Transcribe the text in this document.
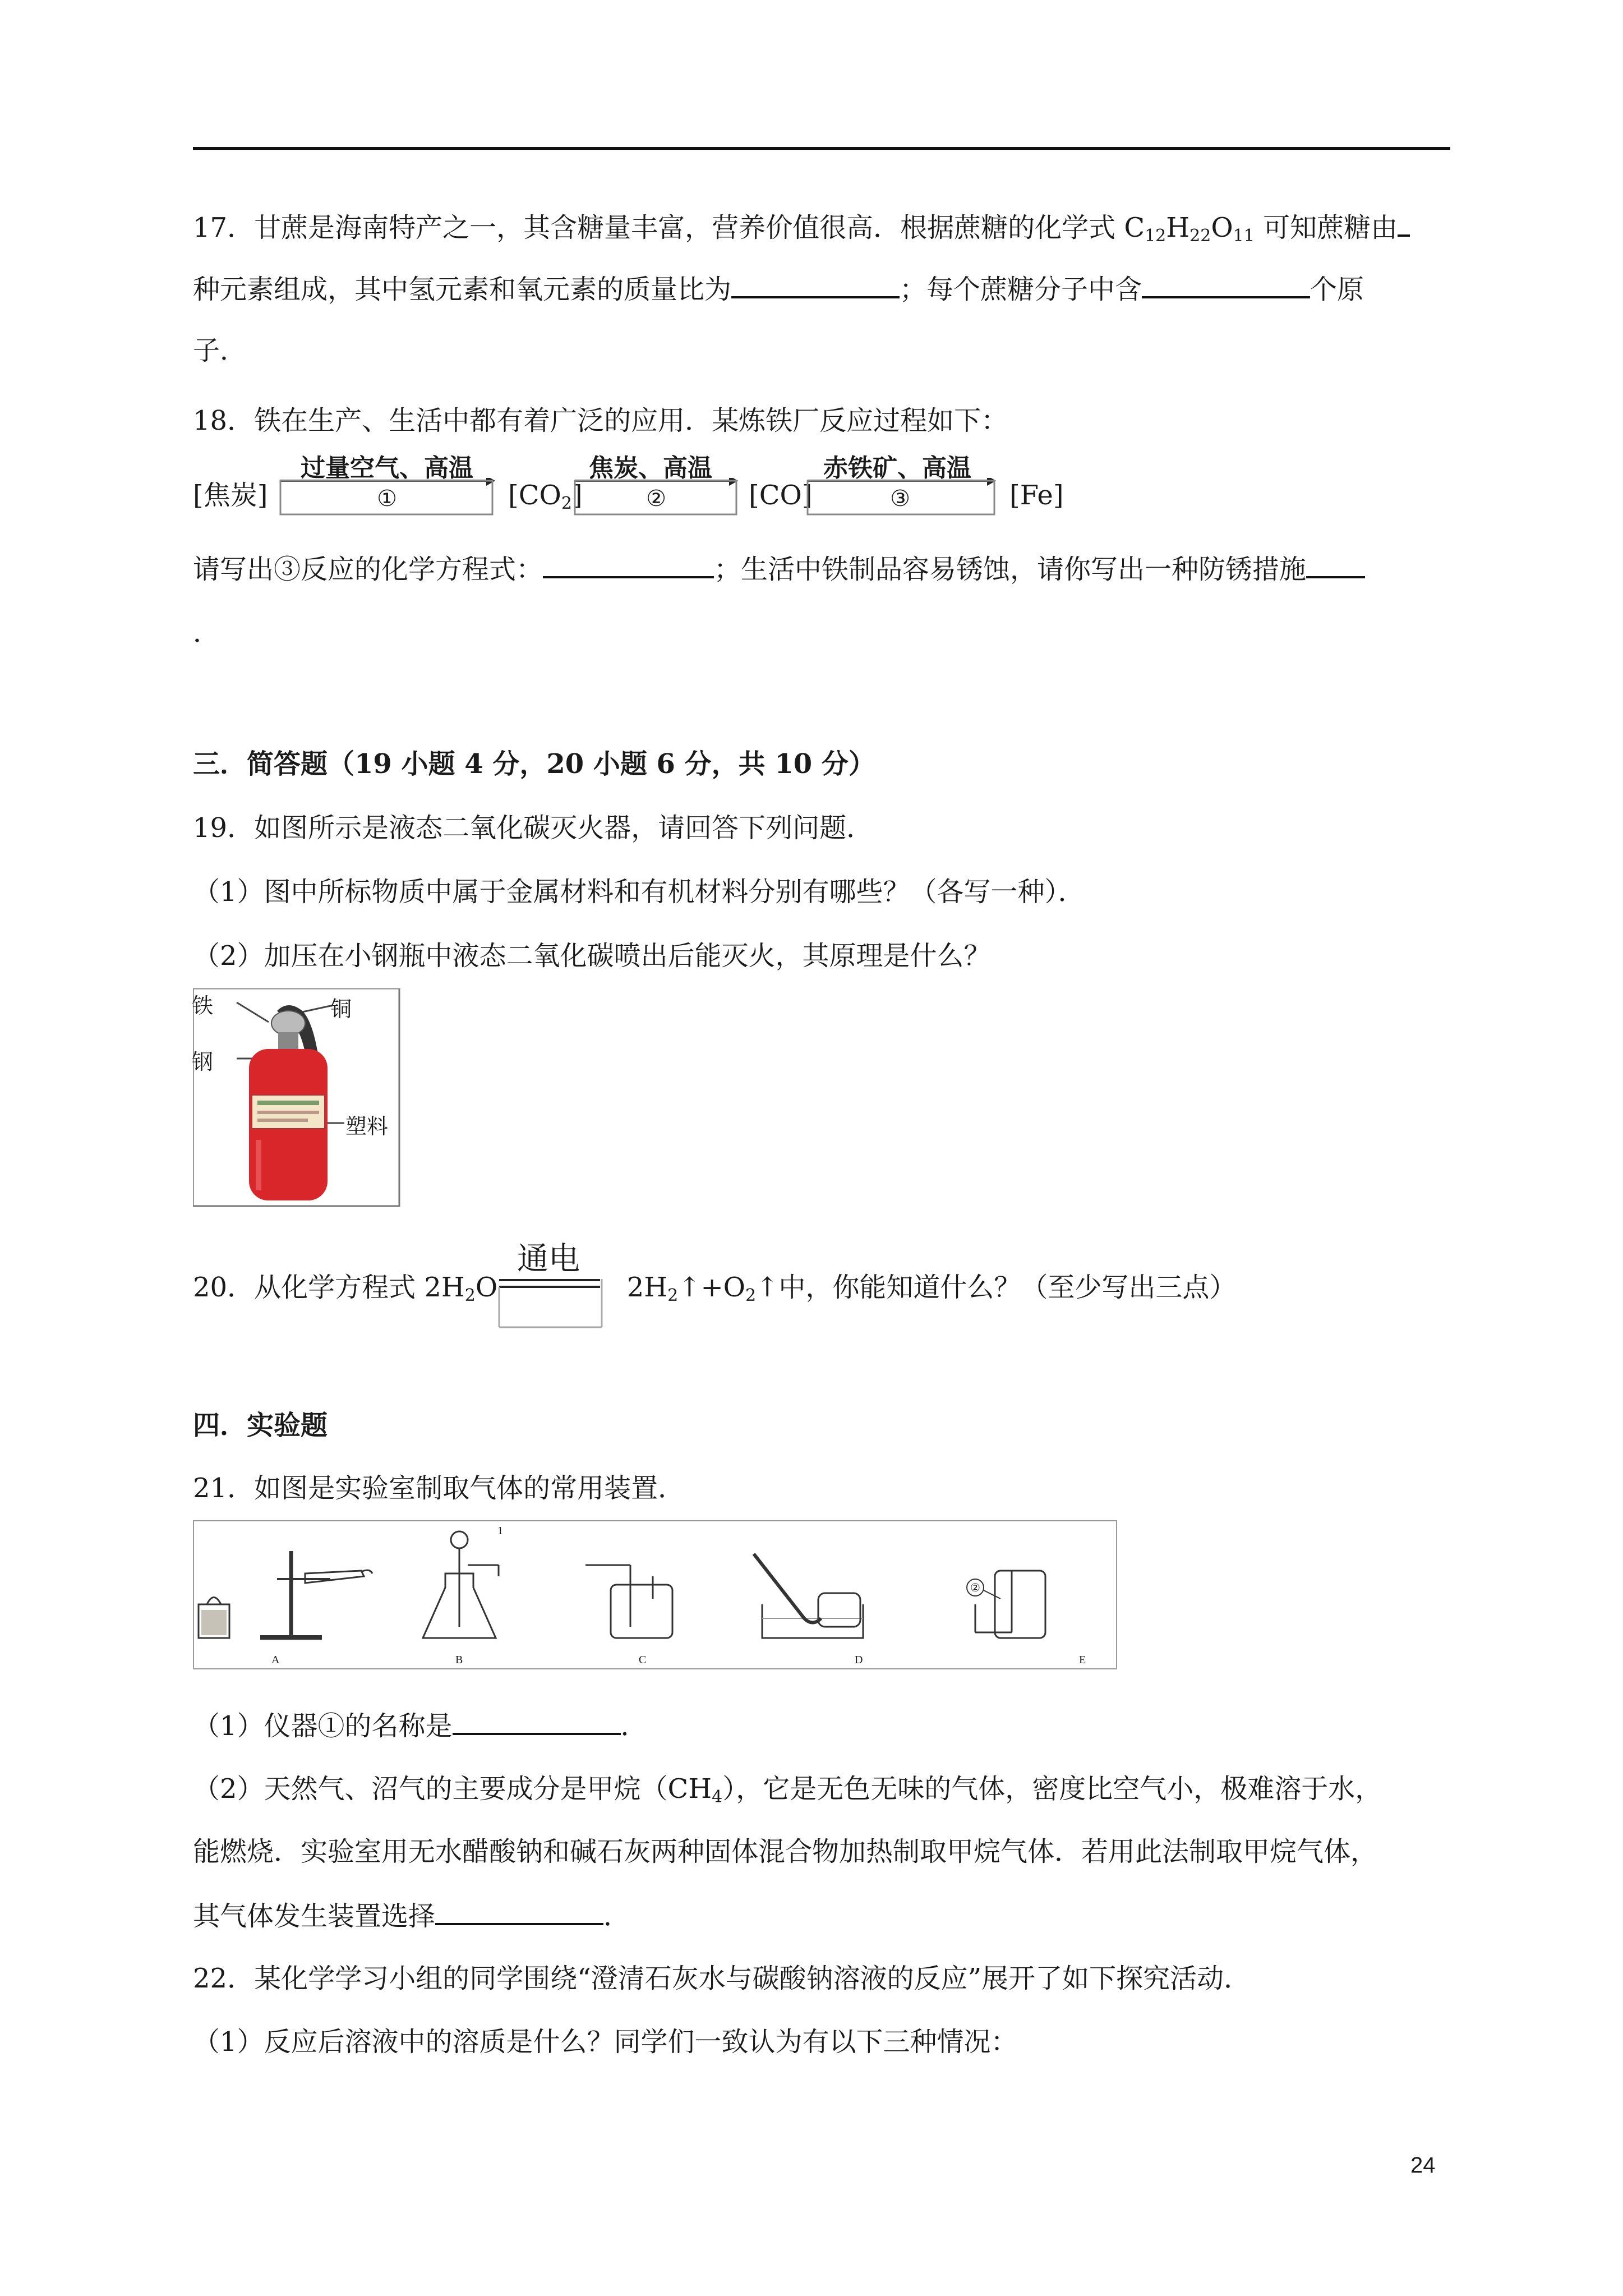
17．甘蔗是海南特产之一，其含糖量丰富，营养价值很高．根据蔗糖的化学式 $C_{12}H_{22}O_{11}$ 可知蔗糖由
种元素组成，其中氢元素和氧元素的质量比为	；每个蔗糖分子中含	个原
子．
18．铁在生产、生活中都有着广泛的应用．某炼铁厂反应过程如下：
[焦炭]
过量空气、高温
①	$[CO_2]$
焦炭、高温
②	[CO]
赤铁矿、高温
③	[Fe]
请写出③反应的化学方程式：	；生活中铁制品容易锈蚀，请你写出一种防锈措施
．
三．简答题（19 小题 4 分，20 小题 6 分，共 10 分）
19．如图所示是液态二氧化碳灭火器，请回答下列问题．
（1）图中所标物质中属于金属材料和有机材料分别有哪些？（各写一种）．
（2）加压在小钢瓶中液态二氧化碳喷出后能灭火，其原理是什么？
铁	铜
钢
塑料
20．从化学方程式 $2H_2O$	$2H_2↑+O_2↑$中，你能知道什么？（至少写出三点）
通电
四．实验题
21．如图是实验室制取气体的常用装置．
A	B	C	D	E
1
②
（1）仪器①的名称是	．
（2）天然气、沼气的主要成分是甲烷$(CH_4)$，它是无色无味的气体，密度比空气小，极难溶于水，
能燃烧．实验室用无水醋酸钠和碱石灰两种固体混合物加热制取甲烷气体．若用此法制取甲烷气体，
其气体发生装置选择	．
22．某化学学习小组的同学围绕“澄清石灰水与碳酸钠溶液的反应”展开了如下探究活动．
（1）反应后溶液中的溶质是什么？同学们一致认为有以下三种情况：
24
